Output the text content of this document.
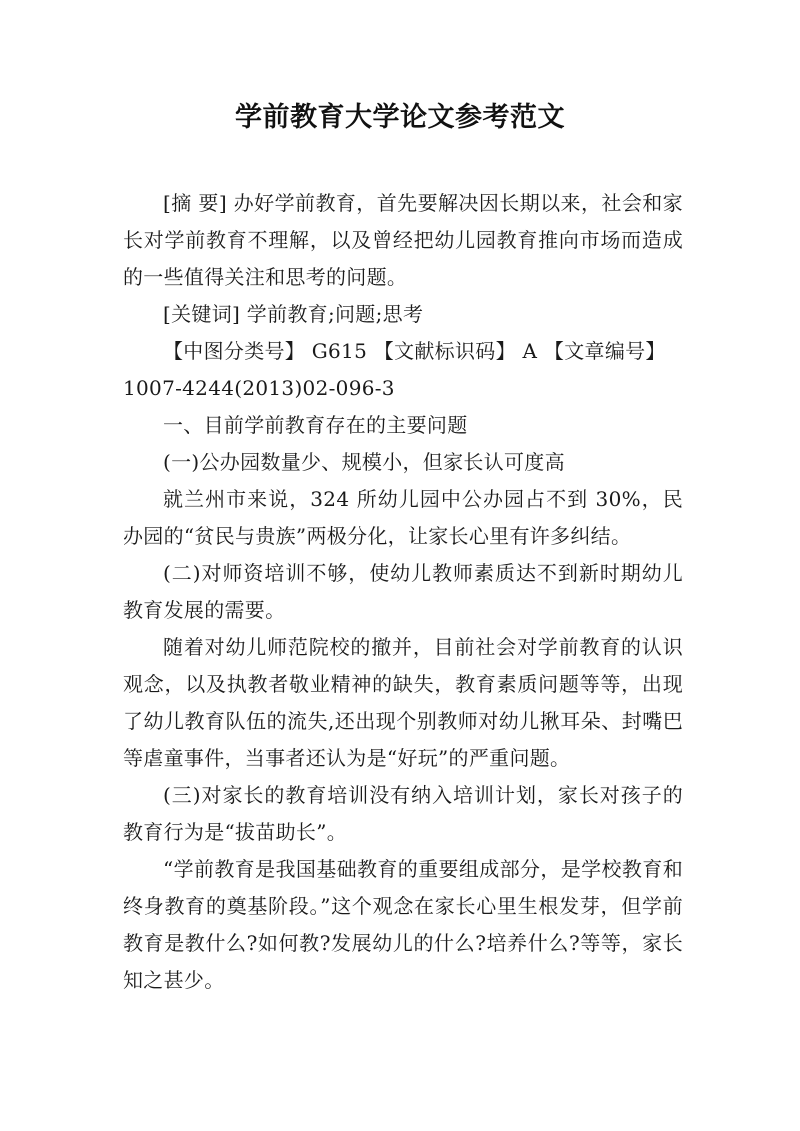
学前教育大学论文参考范文

[摘 要] 办好学前教育，首先要解决因长期以来，社会和家长对学前教育不理解，以及曾经把幼儿园教育推向市场而造成的一些值得关注和思考的问题。

[关键词] 学前教育;问题;思考

【中图分类号】 G615 【文献标识码】 A 【文章编号】

1007-4244(2013)02-096-3

一、目前学前教育存在的主要问题

(一)公办园数量少、规模小，但家长认可度高

就兰州市来说，324 所幼儿园中公办园占不到 30%，民办园的“贫民与贵族”两极分化，让家长心里有许多纠结。

(二)对师资培训不够，使幼儿教师素质达不到新时期幼儿教育发展的需要。

随着对幼儿师范院校的撤并，目前社会对学前教育的认识观念，以及执教者敬业精神的缺失，教育素质问题等等，出现了幼儿教育队伍的流失,还出现个别教师对幼儿揪耳朵、封嘴巴等虐童事件，当事者还认为是“好玩”的严重问题。

(三)对家长的教育培训没有纳入培训计划，家长对孩子的教育行为是“拔苗助长”。

“学前教育是我国基础教育的重要组成部分，是学校教育和终身教育的奠基阶段。”这个观念在家长心里生根发芽，但学前教育是教什么?如何教?发展幼儿的什么?培养什么?等等，家长知之甚少。
